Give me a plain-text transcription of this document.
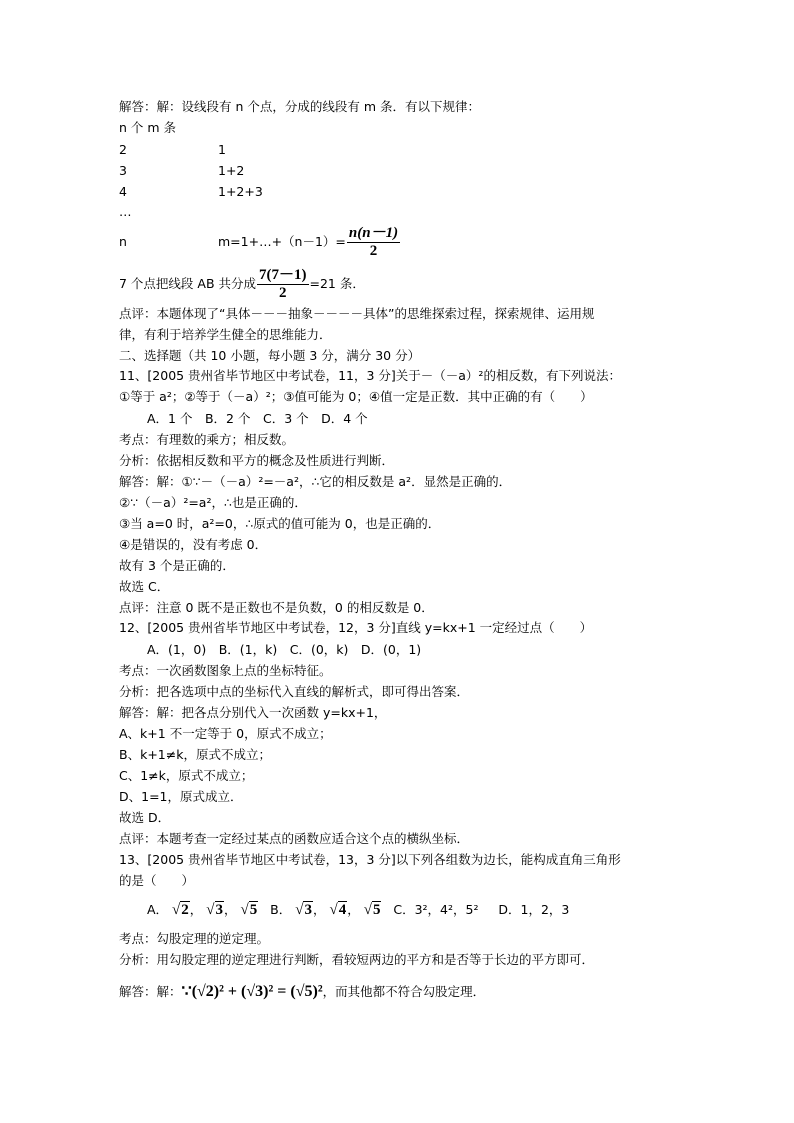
解答：解：设线段有 n 个点，分成的线段有 m 条．有以下规律：
n 个 m 条
2	1
3	1+2
4	1+2+3
…
n	m=1+…+（n－1）= $\frac{n(n-1)}{2}$
7 个点把线段 AB 共分成 $\frac{7(7-1)}{2} =21$ 条．
点评：本题体现了“具体－－－抽象－－－－具体”的思维探索过程，探索规律、运用规
律，有利于培养学生健全的思维能力．
二、选择题（共 10 小题，每小题 3 分，满分 30 分）
11、[2005 贵州省毕节地区中考试卷，11，3 分]关于－（－a）²的相反数，有下列说法：
①等于 a²；②等于（－a）²；③值可能为 0；④值一定是正数．其中正确的有（　　）
A．1 个　B．2 个　C．3 个　D．4 个
考点：有理数的乘方；相反数。
分析：依据相反数和平方的概念及性质进行判断．
解答：解：①∵－（－a）²=－a²，∴它的相反数是 a²．显然是正确的．
②∵（－a）²=a²，∴也是正确的．
③当 a=0 时，a²=0，∴原式的值可能为 0，也是正确的．
④是错误的，没有考虑 0．
故有 3 个是正确的．
故选 C．
点评：注意 0 既不是正数也不是负数，0 的相反数是 0．
12、[2005 贵州省毕节地区中考试卷，12，3 分]直线 y=kx+1 一定经过点（　　）
A．(1，0)　B．(1，k)　C．(0，k)　D．(0，1)
考点：一次函数图象上点的坐标特征。
分析：把各选项中点的坐标代入直线的解析式，即可得出答案．
解答：解：把各点分别代入一次函数 y=kx+1，
A、k+1 不一定等于 0，原式不成立；
B、k+1≠k，原式不成立；
C、1≠k，原式不成立；
D、1=1，原式成立．
故选 D．
点评：本题考查一定经过某点的函数应适合这个点的横纵坐标．
13、[2005 贵州省毕节地区中考试卷，13，3 分]以下列各组数为边长，能构成直角三角形
的是（　　）
A． √2， √3， √5 B． √3， √4， √5 C．3²，4²，5² D．1，2，3
考点：勾股定理的逆定理。
分析：用勾股定理的逆定理进行判断，看较短两边的平方和是否等于长边的平方即可．
解答：解：∵(√2)² + (√3)² = (√5)²，而其他都不符合勾股定理．
